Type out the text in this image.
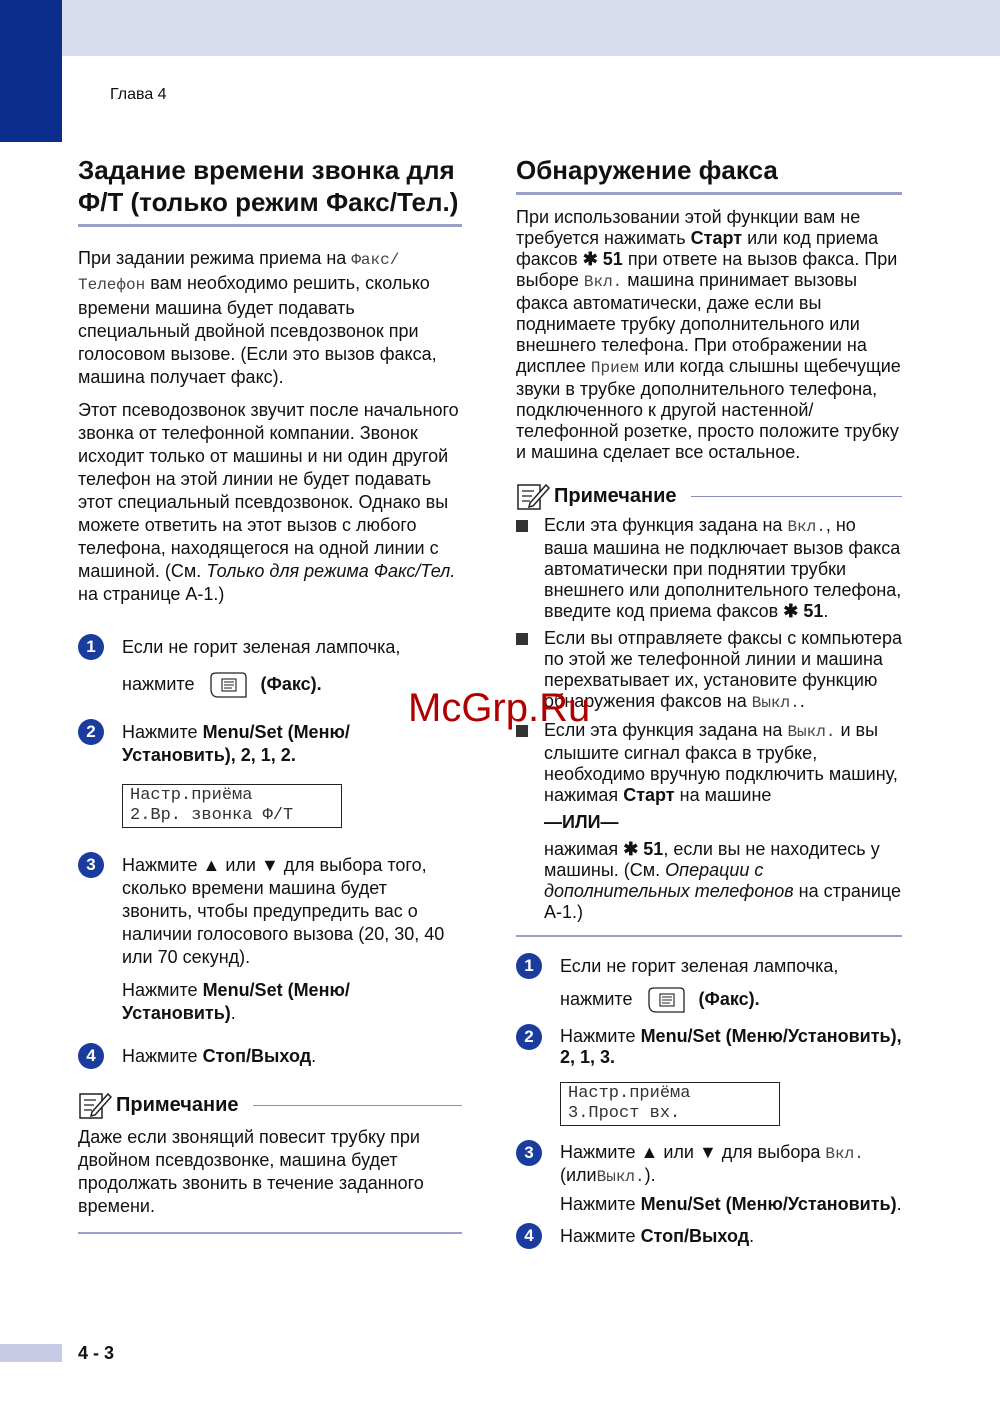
Глава 4
Задание времени звонка для Ф/Т (только режим Факс/Тел.)

При задании режима приема на Факс/Телефон вам необходимо решить, сколько времени машина будет подавать специальный двойной псевдозвонок при голосовом вызове. (Если это вызов факса, машина получает факс).

Этот псеводозвонок звучит после начального звонка от телефонной компании. Звонок исходит только от машины и ни один другой телефон на этой линии не будет подавать этот специальный псевдозвонок. Однако вы можете ответить на этот вызов с любого телефона, находящегося на одной линии с машиной. (См. Только для режима Факс/Тел. на странице A-1.)

1	Если не горит зеленая лампочка,
нажмите	(Факс).
2	Нажмите Menu/Set (Меню/Установить), 2, 1, 2.
Настр.приёма
2.Вр. звонка Ф/Т
3	Нажмите ▲ или ▼ для выбора того, сколько времени машина будет звонить, чтобы предупредить вас о наличии голосового вызова (20, 30, 40 или 70 секунд).
Нажмите Menu/Set (Меню/Установить).
4	Нажмите Стоп/Выход.
Примечание

Даже если звонящий повесит трубку при двойном псевдозвонке, машина будет продолжать звонить в течение заданного времени.

Обнаружение факса

При использовании этой функции вам не требуется нажимать Старт или код приема факсов ✱ 51 при ответе на вызов факса. При выборе Вкл. машина принимает вызовы факса автоматически, даже если вы поднимаете трубку дополнительного или внешнего телефона. При отображении на дисплее Прием или когда слышны щебечущие звуки в трубке дополнительного телефона, подключенного к другой настенной/телефонной розетке, просто положите трубку и машина сделает все остальное.

Примечание
Если эта функция задана на Вкл., но ваша машина не подключает вызов факса автоматически при поднятии трубки внешнего или дополнительного телефона, введите код приема факсов ✱ 51.
Если вы отправляете факсы с компьютера по этой же телефонной линии и машина перехватывает их, установите функцию обнаружения факсов на Выкл..
Если эта функция задана на Выкл. и вы слышите сигнал факса в трубке, необходимо вручную подключить машину, нажимая Старт на машине
—ИЛИ—
нажимая ✱ 51, если вы не находитесь у машины. (См. Операции с дополнительных телефонов на странице A-1.)
1	Если не горит зеленая лампочка,
нажмите	(Факс).
2	Нажмите Menu/Set (Меню/Установить), 2, 1, 3.
Настр.приёма
3.Прост вх.
3	Нажмите ▲ или ▼ для выбора Вкл. (илиВыкл.).
Нажмите Menu/Set (Меню/Установить).
4	Нажмите Стоп/Выход.
McGrp.Ru
4 - 3
